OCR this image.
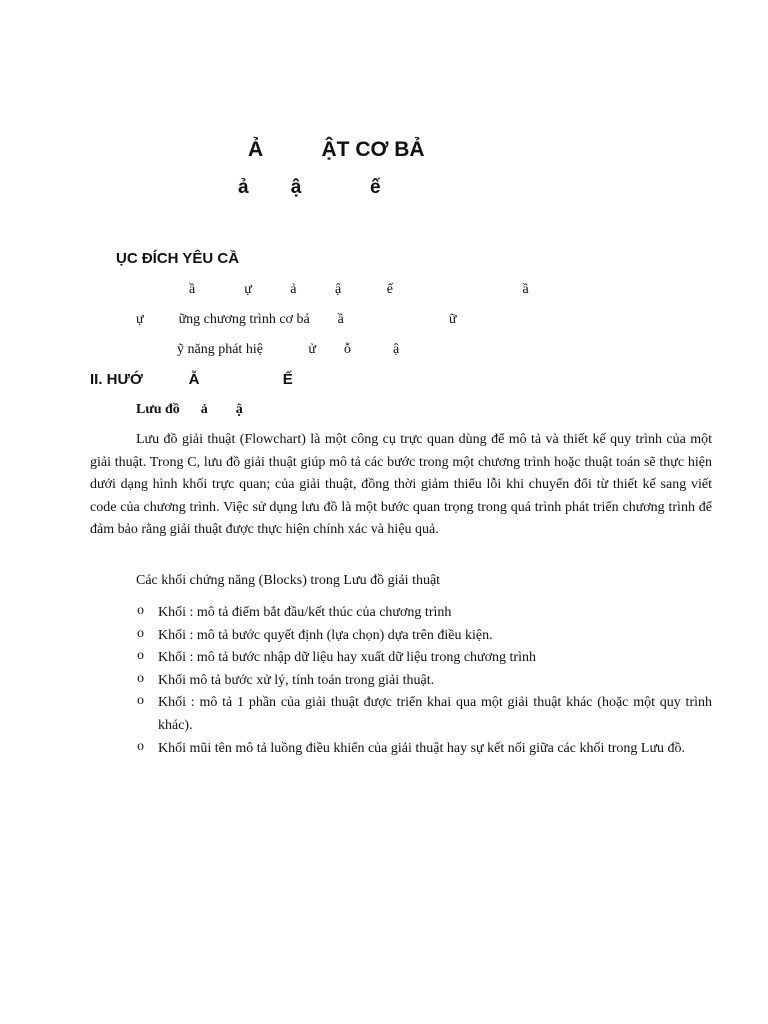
Ả          ẬT CƠ BẢ
ả        ậ             ế
ỤC ĐÍCH YÊU CẦ
ầ              ự           ả           ậ             ế                                     ầ
ự          ững chương trình cơ bả        ầ                              ữ
ỹ năng phát hiệ             ử        ỗ            ậ
II. HƯỚ           Ẵ                    Ế
Lưu đồ      ả        ậ
Lưu đồ giải thuật (Flowchart) là một công cụ trực quan dùng để mô tả và thiết kế quy trình của một giải thuật. Trong C, lưu đồ giải thuật giúp mô tả các bước trong một chương trình hoặc thuật toán sẽ thực hiện dưới dạng hình khối trực quan; của giải thuật, đồng thời giảm thiểu lỗi khi chuyển đổi từ thiết kế sang viết code của chương trình. Việc sử dụng lưu đồ là một bước quan trọng trong quá trình phát triển chương trình để đảm bảo rằng giải thuật được thực hiện chính xác và hiệu quả.
Các khối chứng năng (Blocks) trong Lưu đồ giải thuật
o Khối : mô tả điểm bắt đầu/kết thúc của chương trình
o Khối : mô tả bước quyết định (lựa chọn) dựa trên điều kiện.
o Khối : mô tả bước nhập dữ liệu hay xuất dữ liệu trong chương trình
o Khối mô tả bước xử lý, tính toán trong giải thuật.
o Khối : mô tả 1 phần của giải thuật được triển khai qua một giải thuật khác (hoặc một quy trình khác).
o Khối mũi tên mô tả luồng điều khiển của giải thuật hay sự kết nối giữa các khối trong Lưu đồ.
